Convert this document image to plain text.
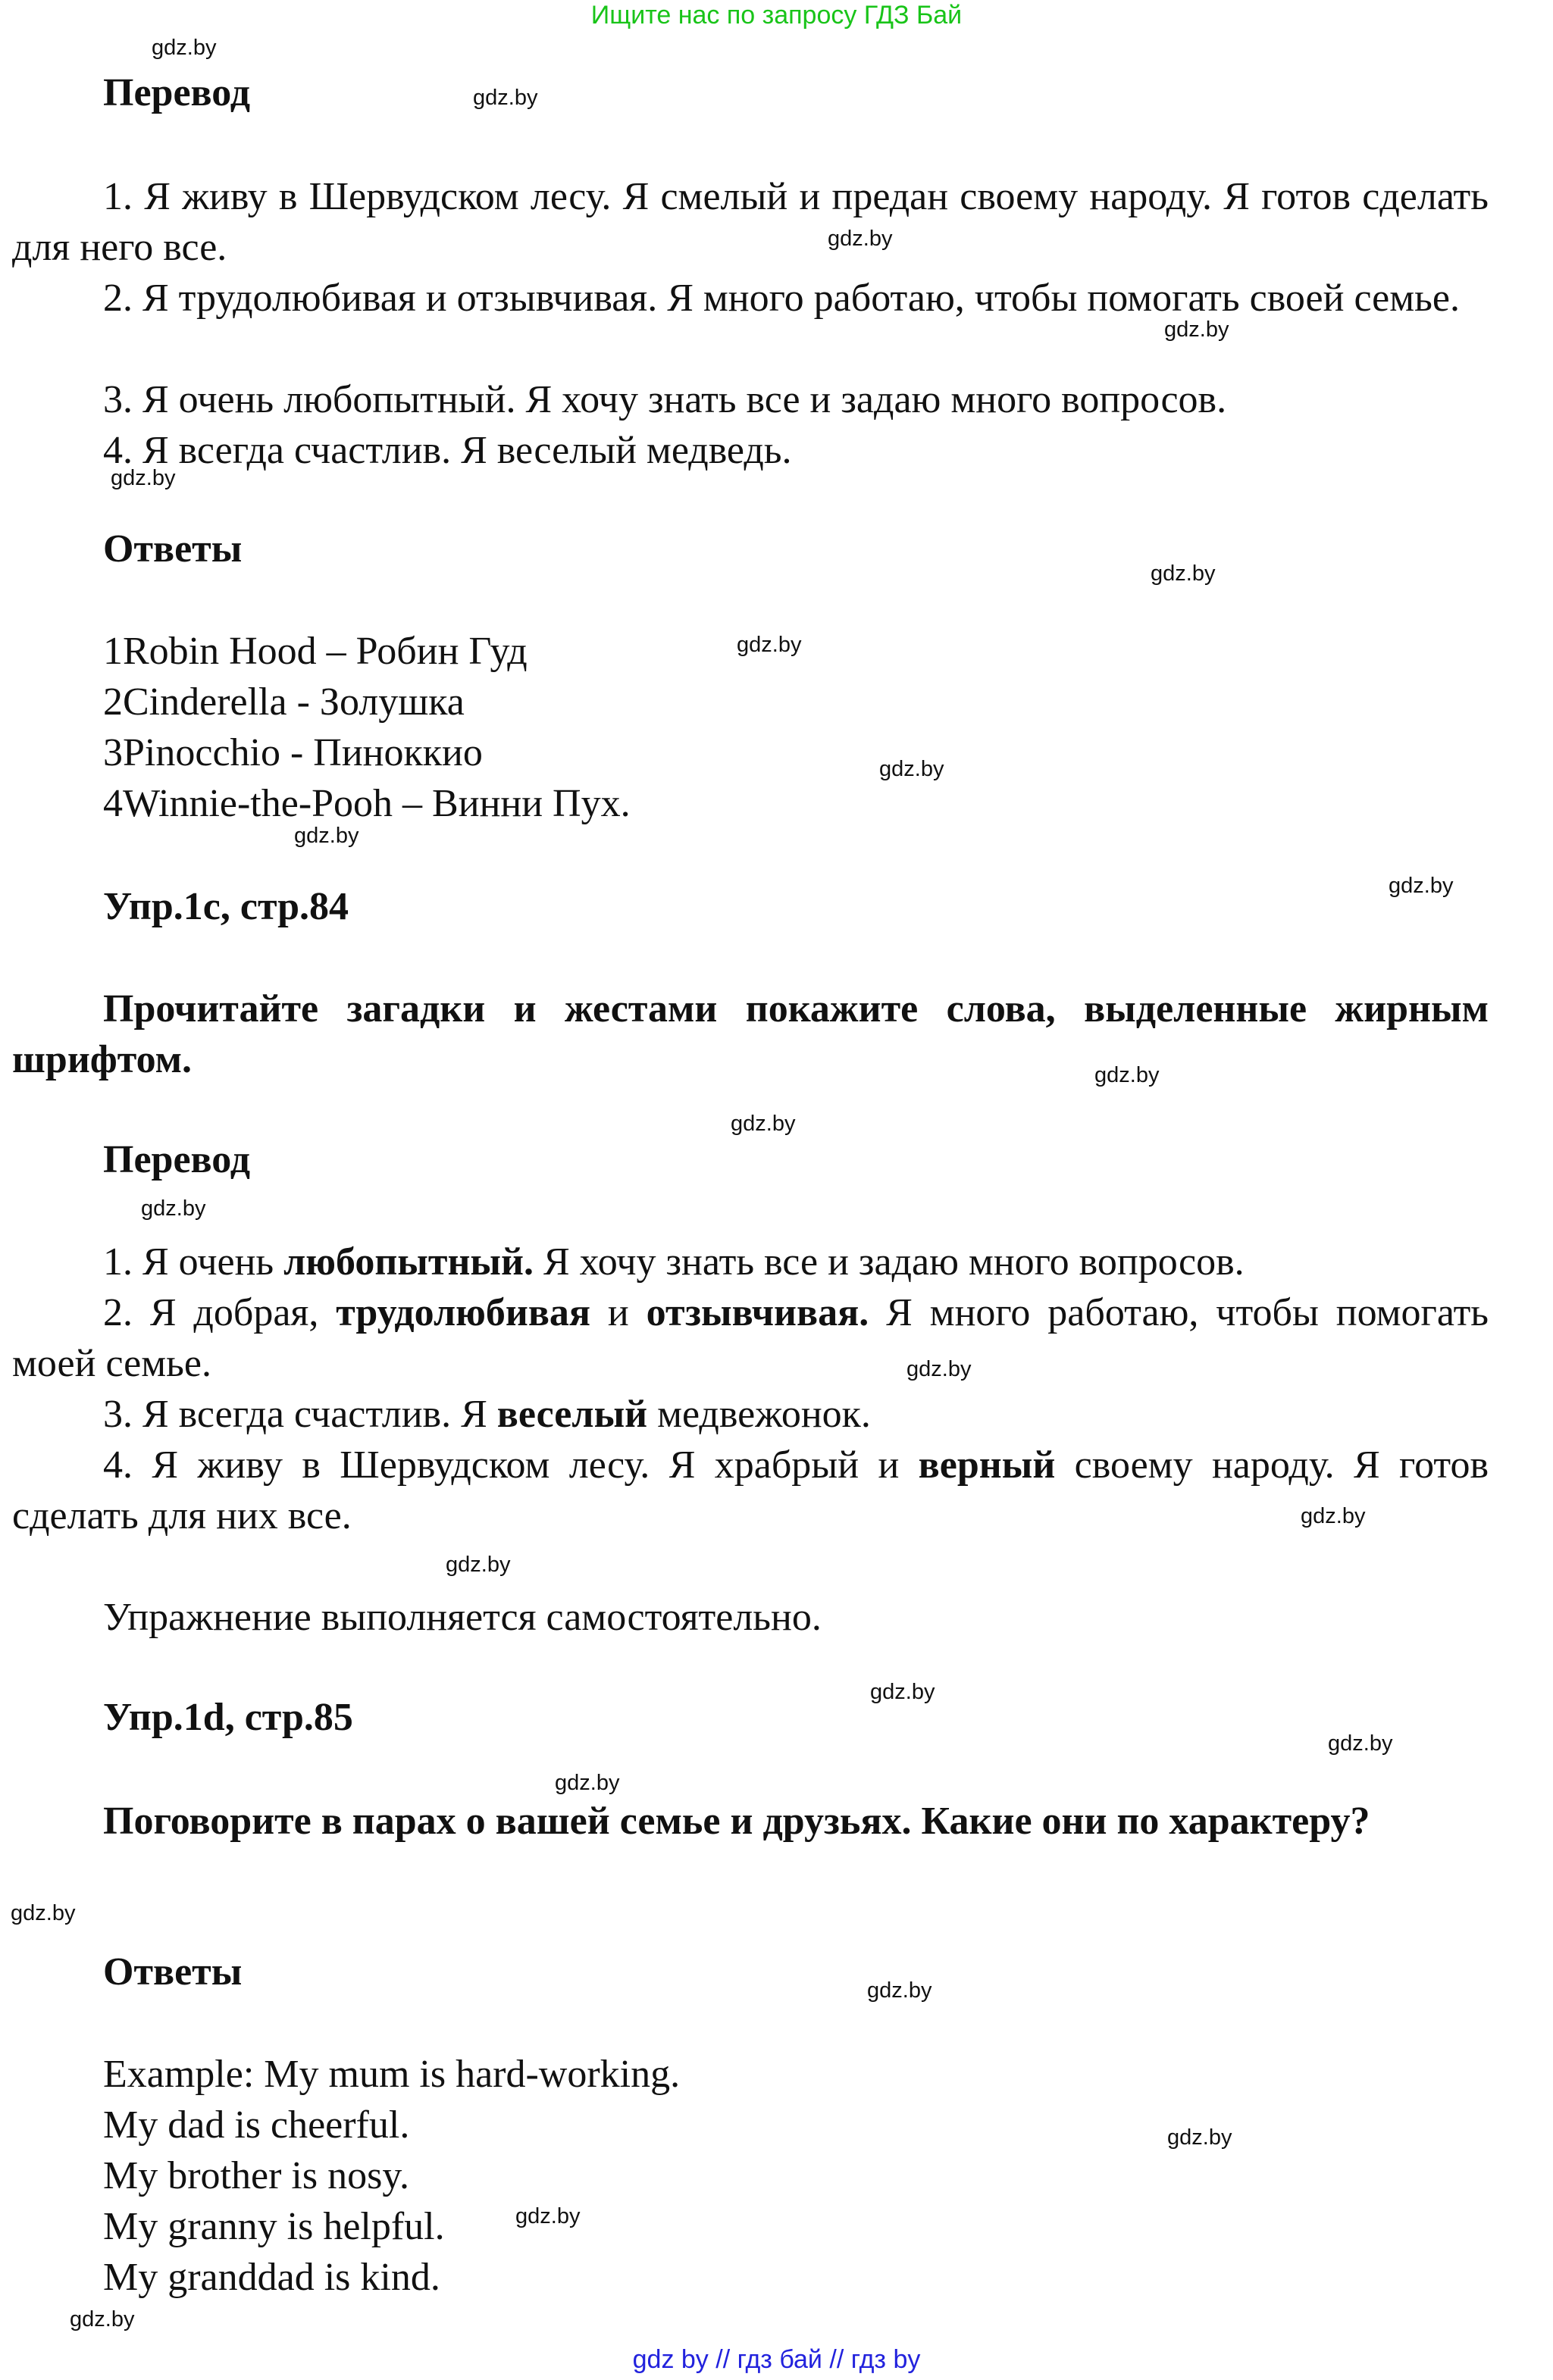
Ищите нас по запросу ГДЗ Бай
gdz.by
gdz.by
gdz.by
gdz.by
gdz.by
gdz.by
gdz.by
gdz.by
gdz.by
gdz.by
gdz.by
gdz.by
gdz.by
gdz.by
gdz.by
gdz.by
gdz.by
gdz.by
gdz.by
gdz.by
gdz.by
gdz.by
gdz.by
gdz.by
Перевод
1. Я живу в Шервудском лесу. Я смелый и предан своему народу. Я готов сделать для него все.
2. Я трудолюбивая и отзывчивая. Я много работаю, чтобы помогать своей семье.
3. Я очень любопытный. Я хочу знать все и задаю много вопросов.
4. Я всегда счастлив. Я веселый медведь.
Ответы
1Robin Hood – Робин Гуд
2Cinderella - Золушка
3Pinocchio - Пиноккио
4Winnie-the-Pooh – Винни Пух.
Упр.1с, стр.84
Прочитайте загадки и жестами покажите слова, выделенные жирным шрифтом.
Перевод
1. Я очень любопытный. Я хочу знать все и задаю много вопросов.
2. Я добрая, трудолюбивая и отзывчивая. Я много работаю, чтобы помогать моей семье.
3. Я всегда счастлив. Я веселый медвежонок.
4. Я живу в Шервудском лесу. Я храбрый и верный своему народу. Я готов сделать для них все.
Упражнение выполняется самостоятельно.
Упр.1d, стр.85
Поговорите в парах о вашей семье и друзьях. Какие они по характеру?
Ответы
Example: My mum is hard-working.
My dad is cheerful.
My brother is nosy.
My granny is helpful.
My granddad is kind.
gdz by // гдз бай // гдз by
